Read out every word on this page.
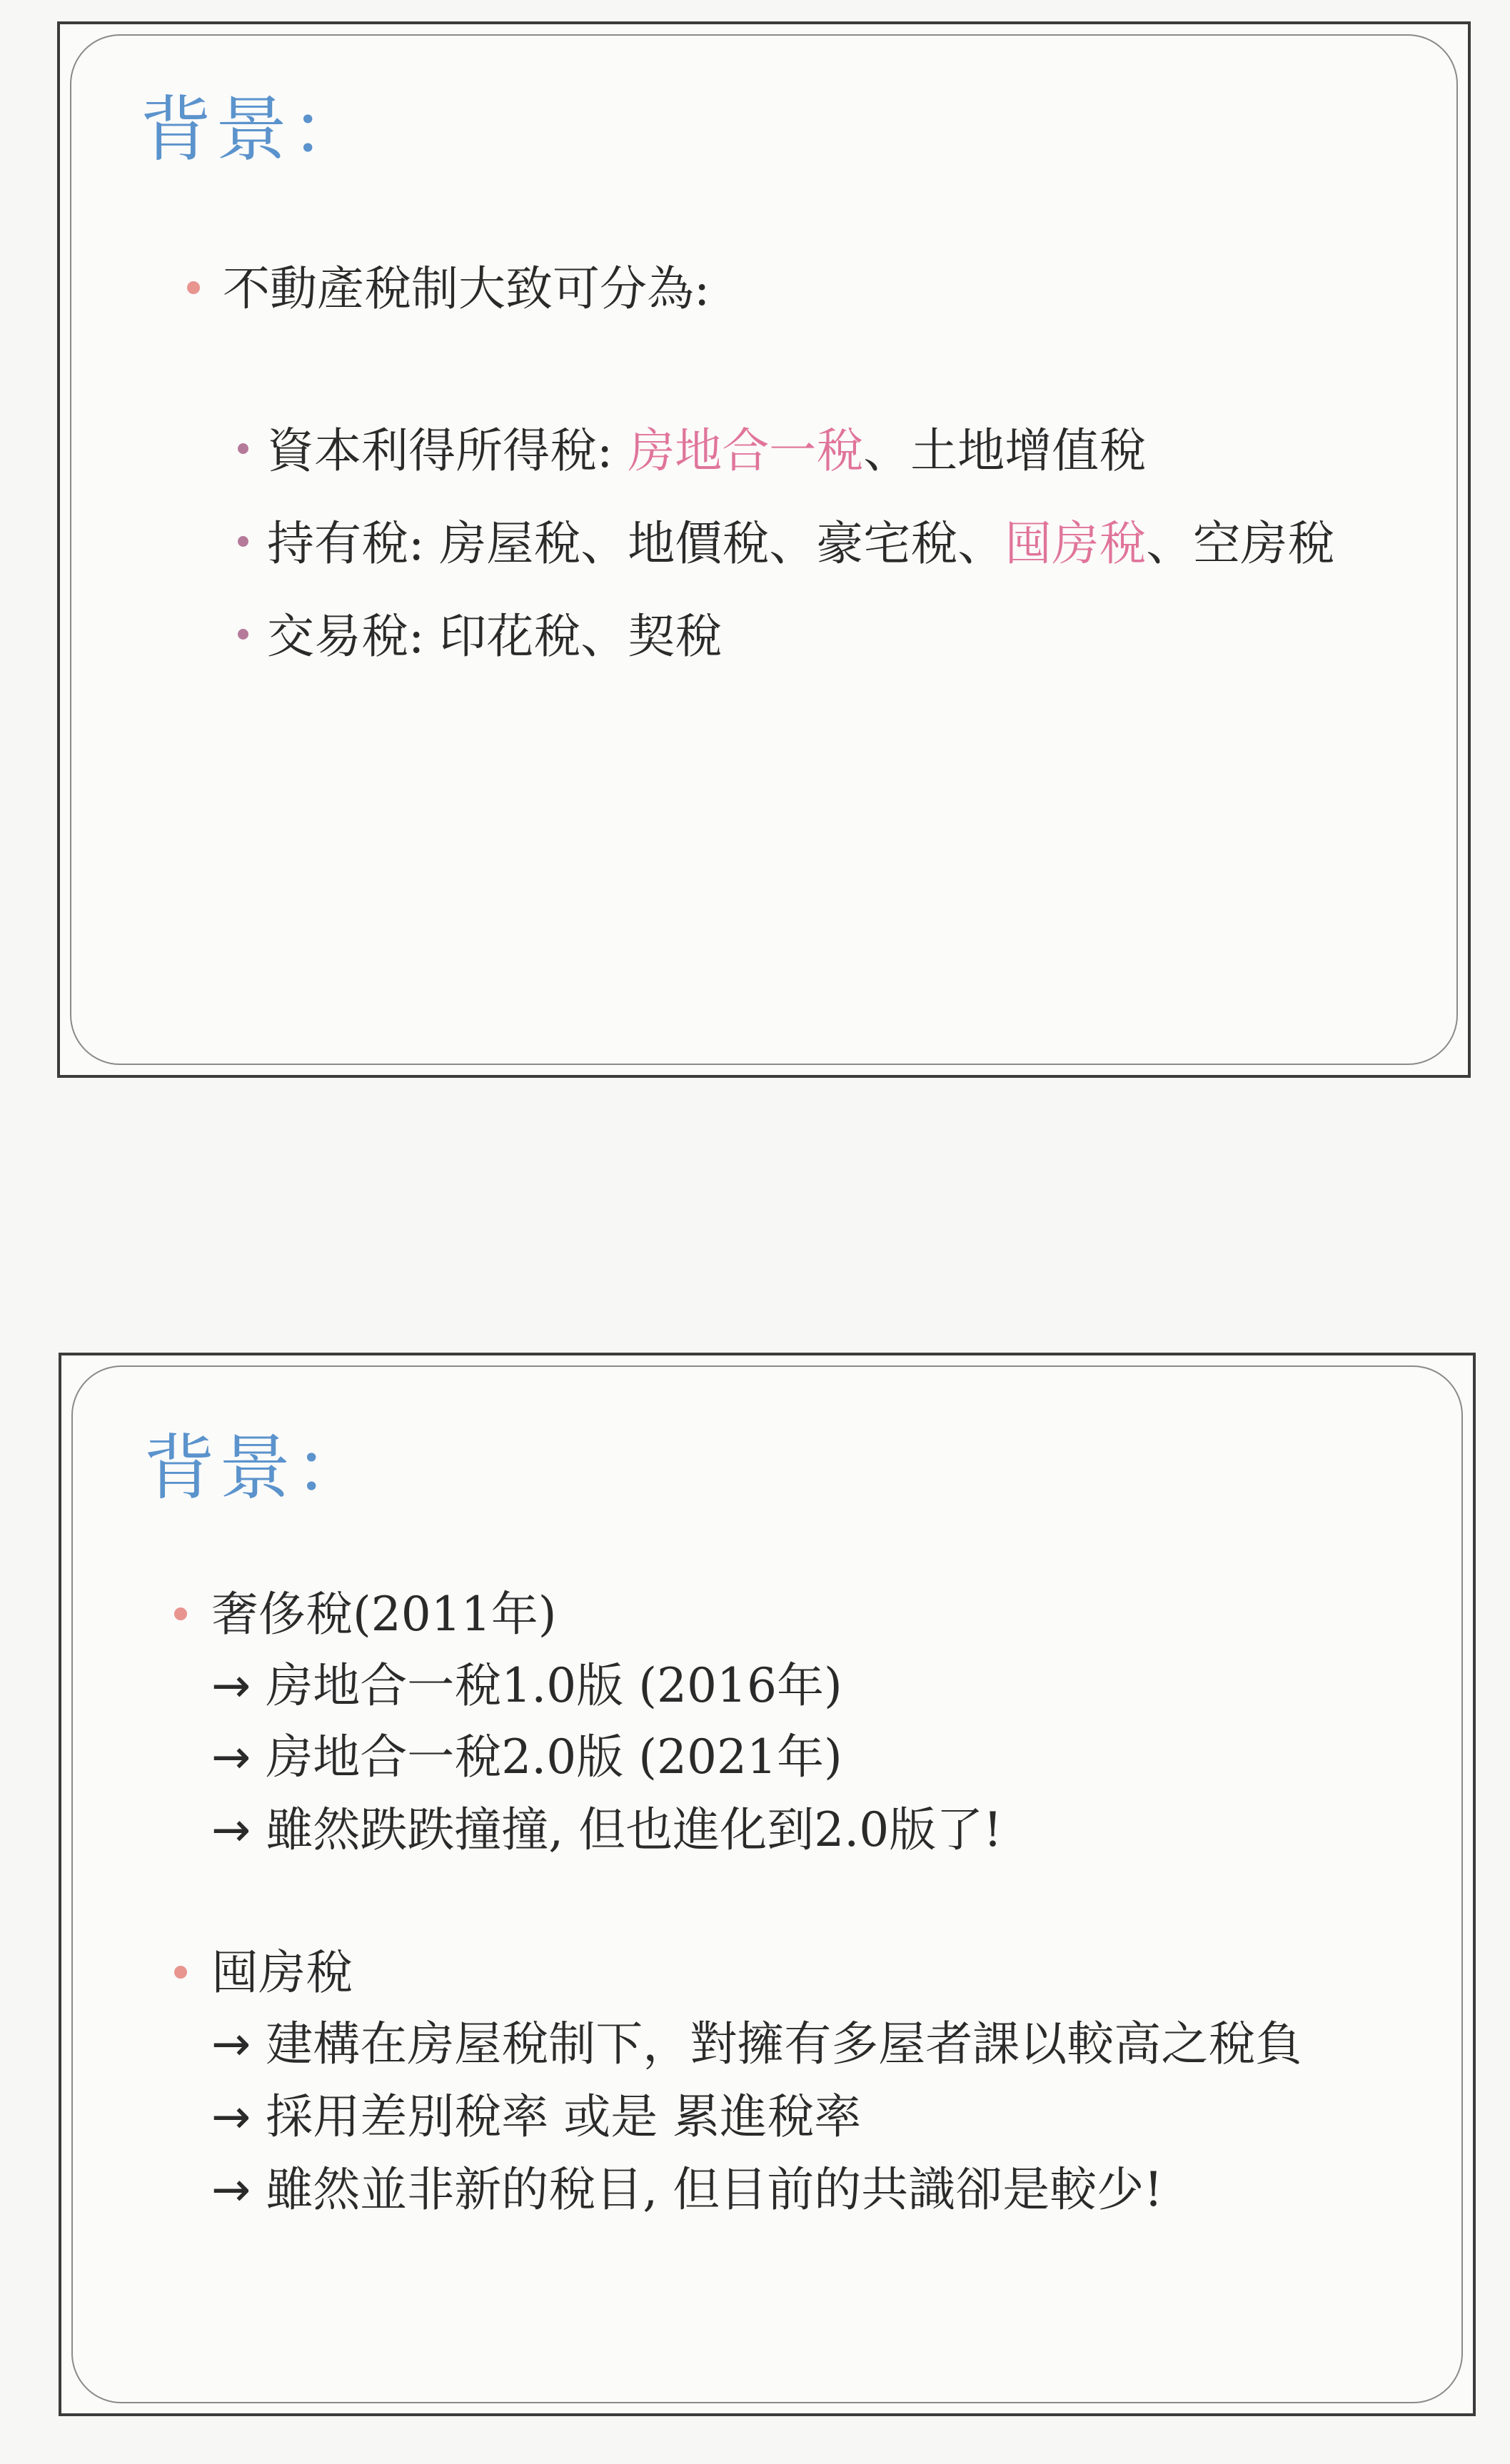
背景：
不動產稅制大致可分為:
資本利得所得稅: 房地合一稅、土地增值稅
持有稅: 房屋稅、地價稅、豪宅稅、囤房稅、空房稅
交易稅: 印花稅、契稅
背景：
奢侈稅(2011年)
→ 房地合一稅1.0版 (2016年)
→ 房地合一稅2.0版 (2021年)
→ 雖然跌跌撞撞, 但也進化到2.0版了!
囤房稅
→ 建構在房屋稅制下，對擁有多屋者課以較高之稅負
→ 採用差別稅率 或是 累進稅率
→ 雖然並非新的稅目, 但目前的共識卻是較少!
